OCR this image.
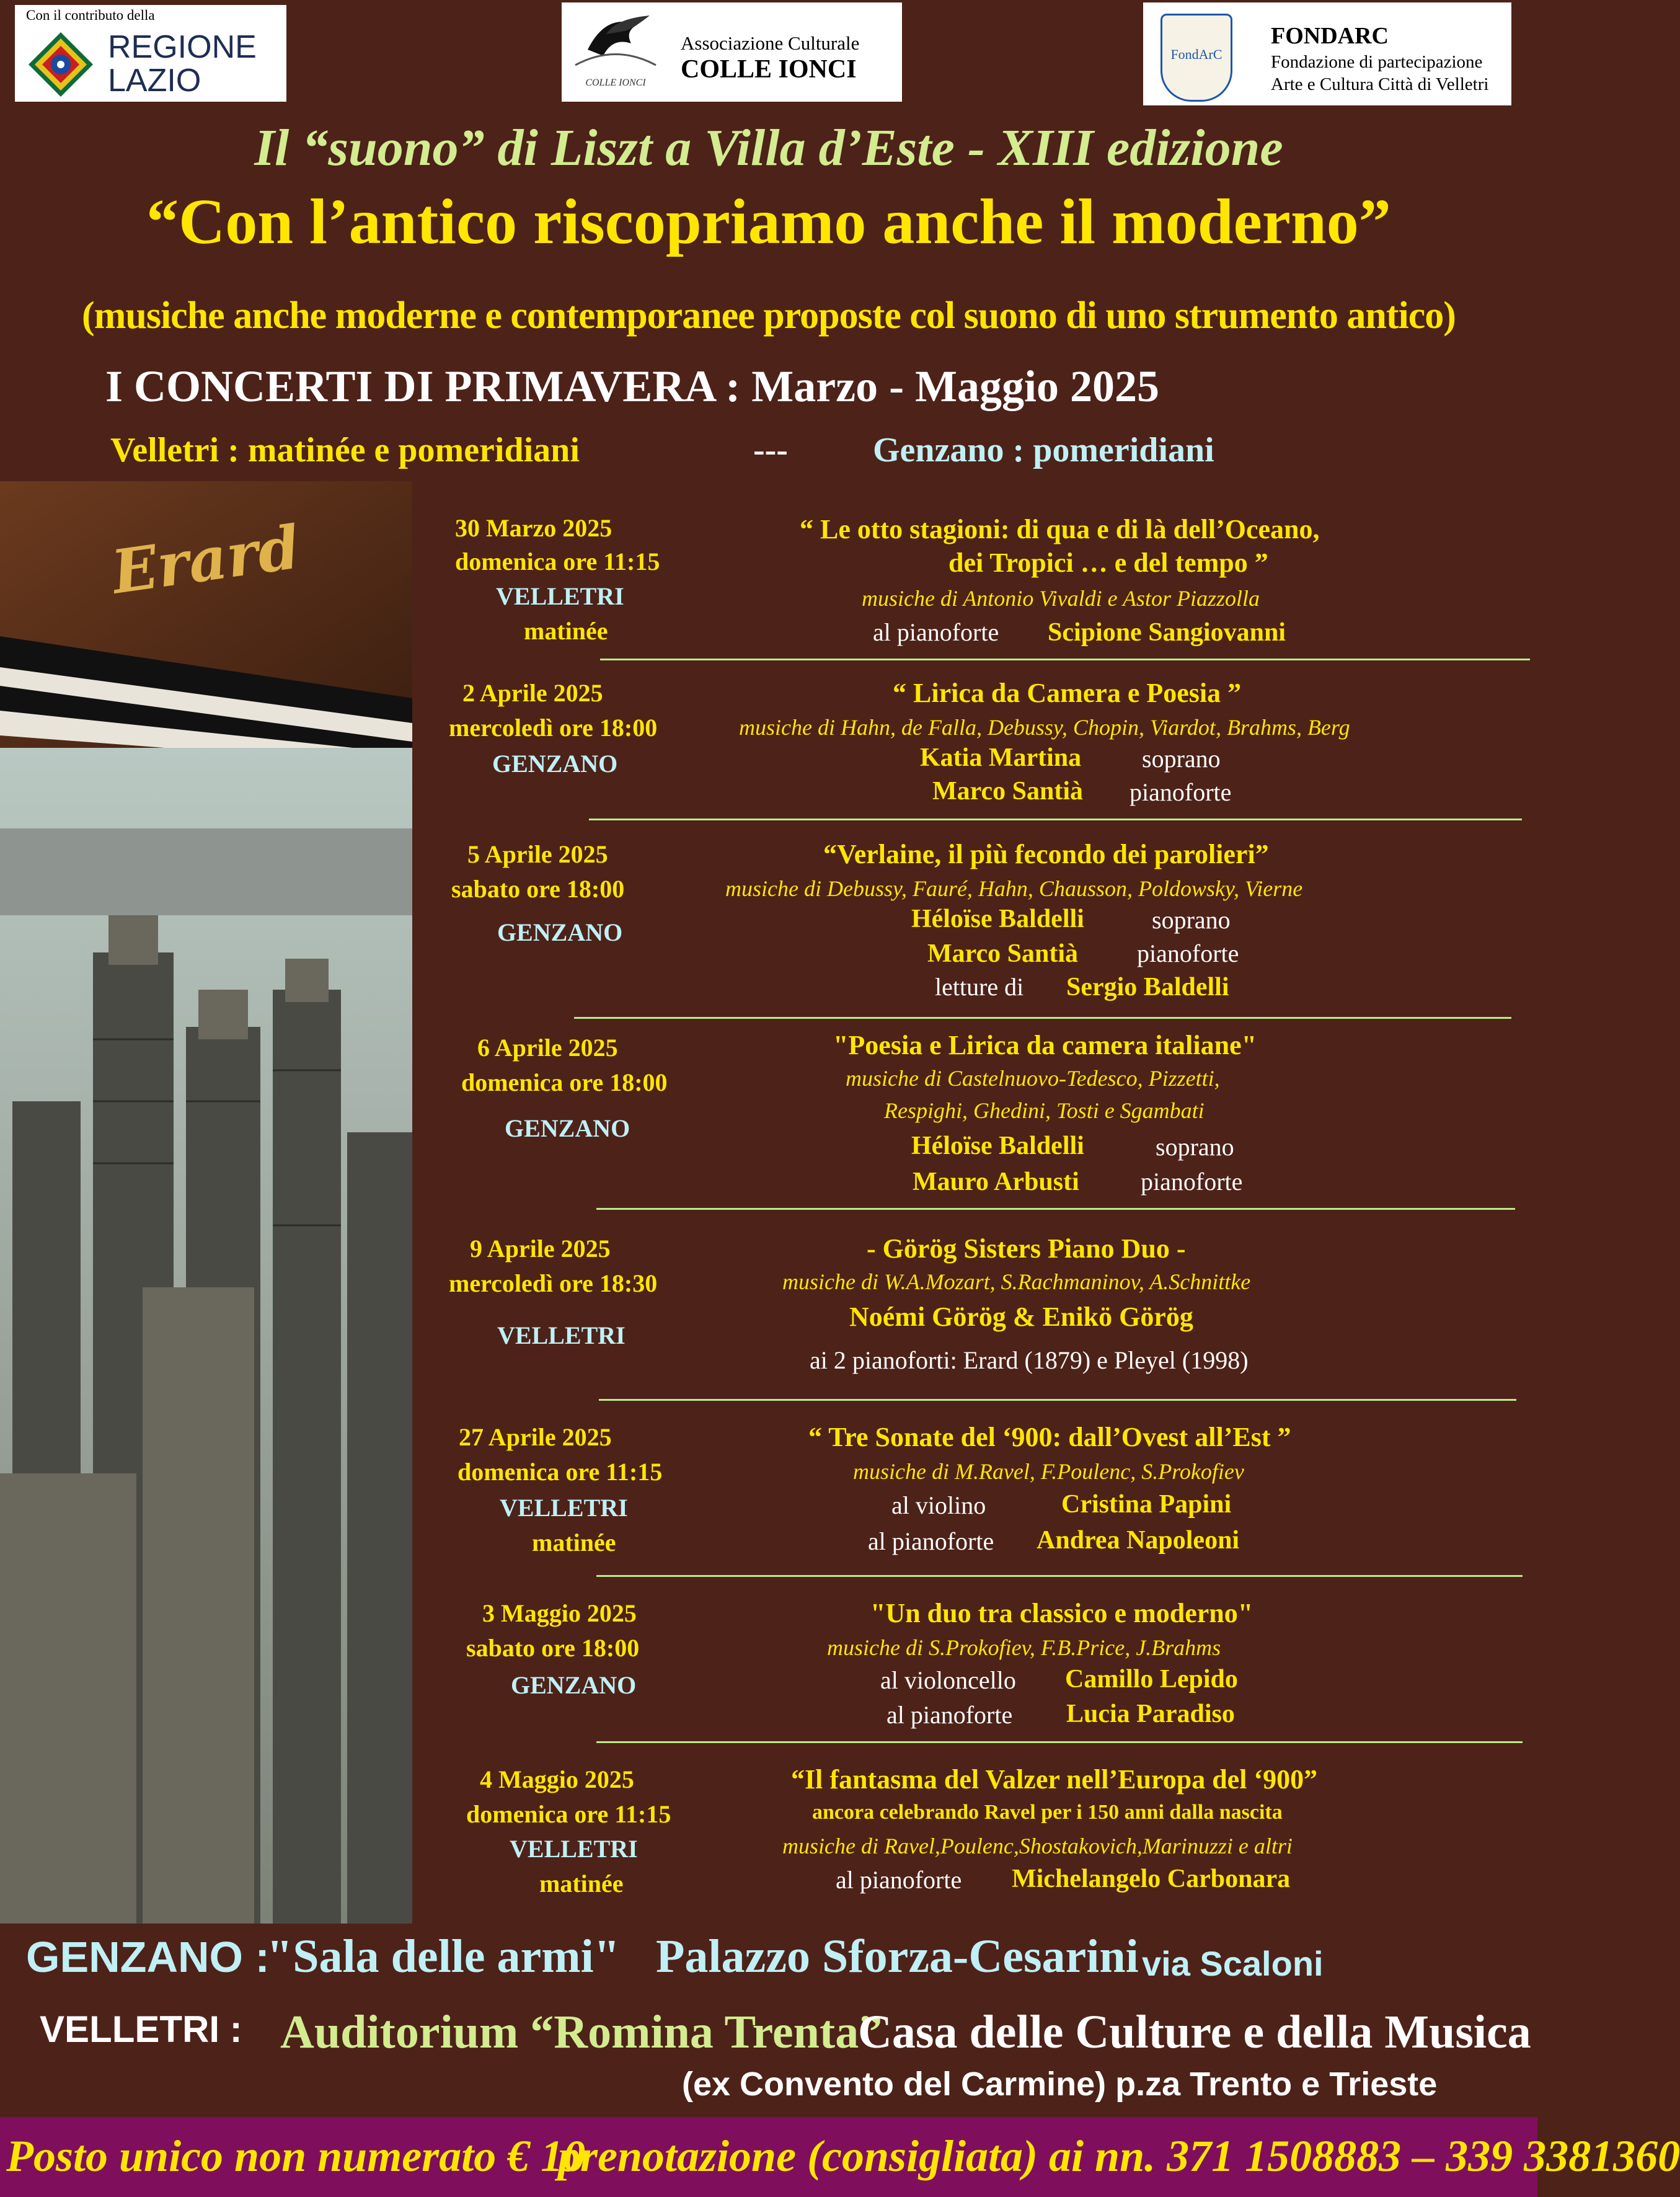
Con il contributo della
REGIONE
LAZIO	COLLE IONCI
Associazione Culturale
COLLE IONCI
FondArC
FONDARC
Fondazione di partecipazione
Arte e Cultura Città di Velletri
Il “suono” di Liszt a Villa d’Este - XIII edizione
“Con l’antico riscopriamo anche il moderno”
(musiche anche moderne e contemporanee proposte col suono di uno strumento antico)
I CONCERTI DI PRIMAVERA : Marzo - Maggio 2025
Velletri : matinée e pomeridiani	--- Genzano : pomeridiani
Erard	30 Marzo 2025
domenica ore 11:15
VELLETRI
matinée
“ Le otto stagioni: di qua e di là dell’Oceano,
dei Tropici … e del tempo ”
musiche di Antonio Vivaldi e Astor Piazzolla
al pianoforte Scipione Sangiovanni
2 Aprile 2025
mercoledì ore 18:00
GENZANO
“ Lirica da Camera e Poesia ”
musiche di Hahn, de Falla, Debussy, Chopin, Viardot, Brahms, Berg
Katia Martina soprano
Marco Santià pianoforte
5 Aprile 2025
sabato ore 18:00
GENZANO
“Verlaine, il più fecondo dei parolieri”
musiche di Debussy, Fauré, Hahn, Chausson, Poldowsky, Vierne
Héloïse Baldelli	soprano
Marco Santià pianoforte
letture di Sergio Baldelli
6 Aprile 2025
domenica ore 18:00
GENZANO
"Poesia e Lirica da camera italiane"
musiche di Castelnuovo-Tedesco, Pizzetti,
Respighi, Ghedini, Tosti e Sgambati
Héloïse Baldelli	soprano
Mauro Arbusti pianoforte
9 Aprile 2025
mercoledì ore 18:30
VELLETRI
- Görög Sisters Piano Duo -
musiche di W.A.Mozart, S.Rachmaninov, A.Schnittke
Noémi Görög & Enikö Görög
ai 2 pianoforti: Erard (1879) e Pleyel (1998)
27 Aprile 2025
domenica ore 11:15
VELLETRI
matinée
“ Tre Sonate del ‘900: dall’Ovest all’Est ”
musiche di M.Ravel, F.Poulenc, S.Prokofiev
al violino	Cristina Papini
al pianoforte Andrea Napoleoni
3 Maggio 2025
sabato ore 18:00
GENZANO
"Un duo tra classico e moderno"
musiche di S.Prokofiev, F.B.Price, J.Brahms
al violoncello Camillo Lepido
al pianoforte Lucia Paradiso
4 Maggio 2025
domenica ore 11:15
VELLETRI
matinée
“Il fantasma del Valzer nell’Europa del ‘900”
ancora celebrando Ravel per i 150 anni dalla nascita
musiche di Ravel,Poulenc,Shostakovich,Marinuzzi e altri
al pianoforte Michelangelo Carbonara
GENZANO :
"Sala delle armi" Palazzo Sforza-Cesarini via Scaloni
VELLETRI : Auditorium “Romina Trenta”
Casa delle Culture e della Musica
(ex Convento del Carmine) p.za Trento e Trieste
Posto unico non numerato € 10
prenotazione (consigliata) ai nn. 371 1508883 – 339 3381360
